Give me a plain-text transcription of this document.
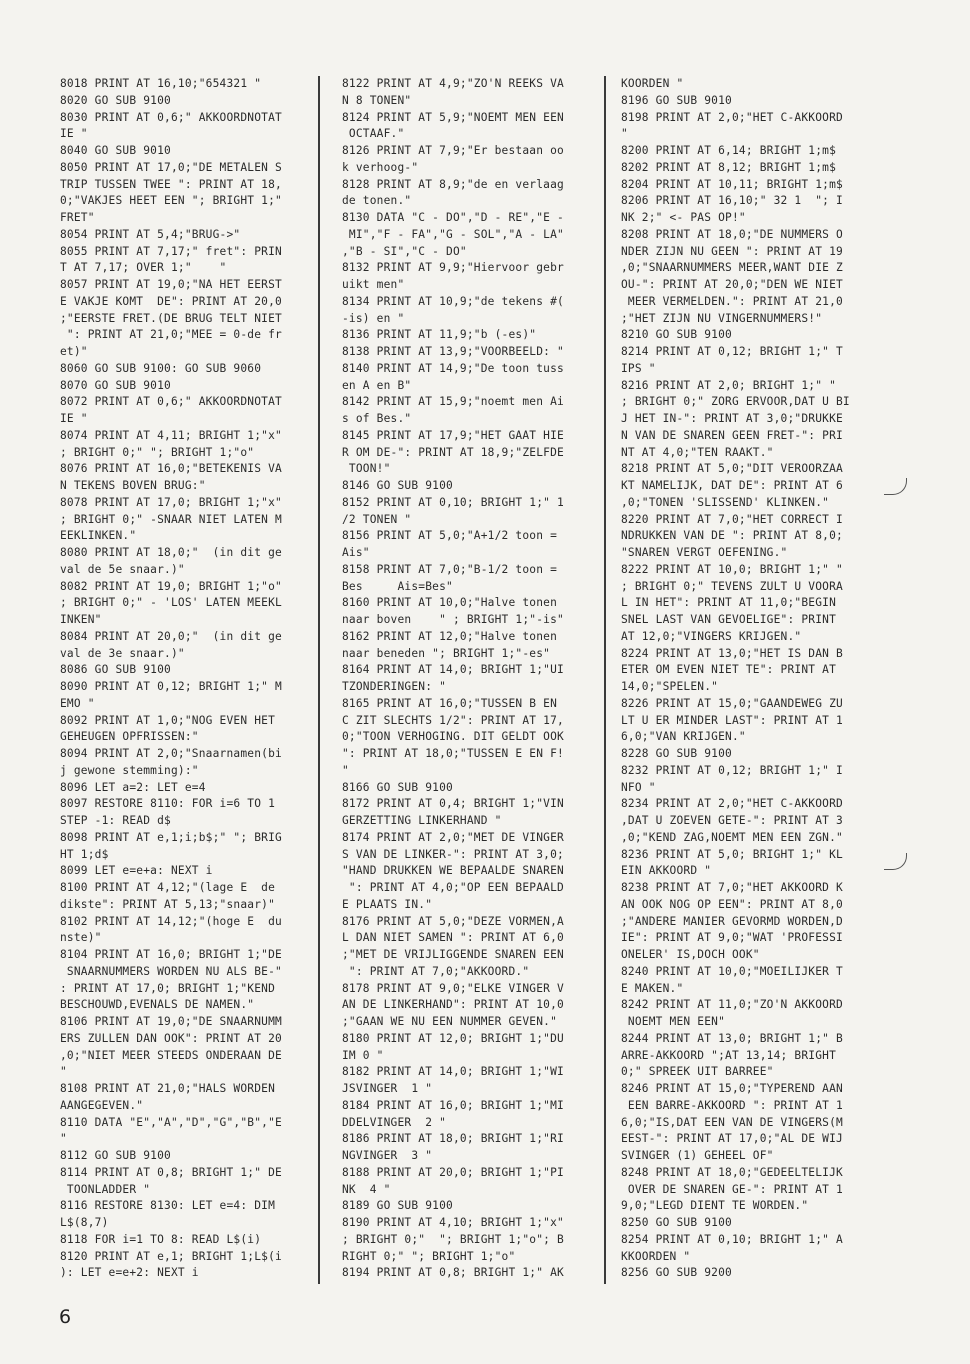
8018 PRINT AT 16,10;"654321 "
8020 GO SUB 9100
8030 PRINT AT 0,6;" AKKOORDNOTAT
IE "
8040 GO SUB 9010
8050 PRINT AT 17,0;"DE METALEN S
TRIP TUSSEN TWEE ": PRINT AT 18,
0;"VAKJES HEET EEN "; BRIGHT 1;"
FRET"
8054 PRINT AT 5,4;"BRUG->"
8055 PRINT AT 7,17;" fret": PRIN
T AT 7,17; OVER 1;"    "
8057 PRINT AT 19,0;"NA HET EERST
E VAKJE KOMT  DE": PRINT AT 20,0
;"EERSTE FRET.(DE BRUG TELT NIET
": PRINT AT 21,0;"MEE = 0-de fr
et)"
8060 GO SUB 9100: GO SUB 9060
8070 GO SUB 9010
8072 PRINT AT 0,6;" AKKOORDNOTAT
IE "
8074 PRINT AT 4,11; BRIGHT 1;"x"
; BRIGHT 0;" "; BRIGHT 1;"o"
8076 PRINT AT 16,0;"BETEKENIS VA
N TEKENS BOVEN BRUG:"
8078 PRINT AT 17,0; BRIGHT 1;"x"
; BRIGHT 0;" -SNAAR NIET LATEN M
EEKLINKEN."
8080 PRINT AT 18,0;"  (in dit ge
val de 5e snaar.)"
8082 PRINT AT 19,0; BRIGHT 1;"o"
; BRIGHT 0;" - 'LOS' LATEN MEEKL
INKEN"
8084 PRINT AT 20,0;"  (in dit ge
val de 3e snaar.)"
8086 GO SUB 9100
8090 PRINT AT 0,12; BRIGHT 1;" M
EMO "
8092 PRINT AT 1,0;"NOG EVEN HET
GEHEUGEN OPFRISSEN:"
8094 PRINT AT 2,0;"Snaarnamen(bi
j gewone stemming):"
8096 LET a=2: LET e=4
8097 RESTORE 8110: FOR i=6 TO 1
STEP -1: READ d$
8098 PRINT AT e,1;i;b$;" "; BRIG
HT 1;d$
8099 LET e=e+a: NEXT i
8100 PRINT AT 4,12;"(lage E  de
dikste": PRINT AT 5,13;"snaar)"
8102 PRINT AT 14,12;"(hoge E  du
nste)"
8104 PRINT AT 16,0; BRIGHT 1;"DE
SNAARNUMMERS WORDEN NU ALS BE-"
: PRINT AT 17,0; BRIGHT 1;"KEND
BESCHOUWD,EVENALS DE NAMEN."
8106 PRINT AT 19,0;"DE SNAARNUMM
ERS ZULLEN DAN OOK": PRINT AT 20
,0;"NIET MEER STEEDS ONDERAAN DE
"
8108 PRINT AT 21,0;"HALS WORDEN
AANGEGEVEN."
8110 DATA "E","A","D","G","B","E
"
8112 GO SUB 9100
8114 PRINT AT 0,8; BRIGHT 1;" DE
TOONLADDER "
8116 RESTORE 8130: LET e=4: DIM
L$(8,7)
8118 FOR i=1 TO 8: READ L$(i)
8120 PRINT AT e,1; BRIGHT 1;L$(i
): LET e=e+2: NEXT i
8122 PRINT AT 4,9;"ZO'N REEKS VA
N 8 TONEN"
8124 PRINT AT 5,9;"NOEMT MEN EEN
OCTAAF."
8126 PRINT AT 7,9;"Er bestaan oo
k verhoog-"
8128 PRINT AT 8,9;"de en verlaag
de tonen."
8130 DATA "C - DO","D - RE","E -
MI","F - FA","G - SOL","A - LA"
,"B - SI","C - DO"
8132 PRINT AT 9,9;"Hiervoor gebr
uikt men"
8134 PRINT AT 10,9;"de tekens #(
-is) en "
8136 PRINT AT 11,9;"b (-es)"
8138 PRINT AT 13,9;"VOORBEELD: "
8140 PRINT AT 14,9;"De toon tuss
en A en B"
8142 PRINT AT 15,9;"noemt men Ai
s of Bes."
8145 PRINT AT 17,9;"HET GAAT HIE
R OM DE-": PRINT AT 18,9;"ZELFDE
TOON!"
8146 GO SUB 9100
8152 PRINT AT 0,10; BRIGHT 1;" 1
/2 TONEN "
8156 PRINT AT 5,0;"A+1/2 toon =
Ais"
8158 PRINT AT 7,0;"B-1/2 toon =
Bes     Ais=Bes"
8160 PRINT AT 10,0;"Halve tonen
naar boven    " ; BRIGHT 1;"-is"
8162 PRINT AT 12,0;"Halve tonen
naar beneden "; BRIGHT 1;"-es"
8164 PRINT AT 14,0; BRIGHT 1;"UI
TZONDERINGEN: "
8165 PRINT AT 16,0;"TUSSEN B EN
C ZIT SLECHTS 1/2": PRINT AT 17,
0;"TOON VERHOGING. DIT GELDT OOK
": PRINT AT 18,0;"TUSSEN E EN F!
"
8166 GO SUB 9100
8172 PRINT AT 0,4; BRIGHT 1;"VIN
GERZETTING LINKERHAND "
8174 PRINT AT 2,0;"MET DE VINGER
S VAN DE LINKER-": PRINT AT 3,0;
"HAND DRUKKEN WE BEPAALDE SNAREN
": PRINT AT 4,0;"OP EEN BEPAALD
E PLAATS IN."
8176 PRINT AT 5,0;"DEZE VORMEN,A
L DAN NIET SAMEN ": PRINT AT 6,0
;"MET DE VRIJLIGGENDE SNAREN EEN
": PRINT AT 7,0;"AKKOORD."
8178 PRINT AT 9,0;"ELKE VINGER V
AN DE LINKERHAND": PRINT AT 10,0
;"GAAN WE NU EEN NUMMER GEVEN."
8180 PRINT AT 12,0; BRIGHT 1;"DU
IM 0 "
8182 PRINT AT 14,0; BRIGHT 1;"WI
JSVINGER  1 "
8184 PRINT AT 16,0; BRIGHT 1;"MI
DDELVINGER  2 "
8186 PRINT AT 18,0; BRIGHT 1;"RI
NGVINGER  3 "
8188 PRINT AT 20,0; BRIGHT 1;"PI
NK  4 "
8189 GO SUB 9100
8190 PRINT AT 4,10; BRIGHT 1;"x"
; BRIGHT 0;"  "; BRIGHT 1;"o"; B
RIGHT 0;" "; BRIGHT 1;"o"
8194 PRINT AT 0,8; BRIGHT 1;" AK
KOORDEN "
8196 GO SUB 9010
8198 PRINT AT 2,0;"HET C-AKKOORD
"
8200 PRINT AT 6,14; BRIGHT 1;m$
8202 PRINT AT 8,12; BRIGHT 1;m$
8204 PRINT AT 10,11; BRIGHT 1;m$
8206 PRINT AT 16,10;" 32 1  "; I
NK 2;" <- PAS OP!"
8208 PRINT AT 18,0;"DE NUMMERS O
NDER ZIJN NU GEEN ": PRINT AT 19
,0;"SNAARNUMMERS MEER,WANT DIE Z
OU-": PRINT AT 20,0;"DEN WE NIET
MEER VERMELDEN.": PRINT AT 21,0
;"HET ZIJN NU VINGERNUMMERS!"
8210 GO SUB 9100
8214 PRINT AT 0,12; BRIGHT 1;" T
IPS "
8216 PRINT AT 2,0; BRIGHT 1;" "
; BRIGHT 0;" ZORG ERVOOR,DAT U BI
J HET IN-": PRINT AT 3,0;"DRUKKE
N VAN DE SNAREN GEEN FRET-": PRI
NT AT 4,0;"TEN RAAKT."
8218 PRINT AT 5,0;"DIT VEROORZAA
KT NAMELIJK, DAT DE": PRINT AT 6
,0;"TONEN 'SLISSEND' KLINKEN."
8220 PRINT AT 7,0;"HET CORRECT I
NDRUKKEN VAN DE ": PRINT AT 8,0;
"SNAREN VERGT OEFENING."
8222 PRINT AT 10,0; BRIGHT 1;" "
; BRIGHT 0;" TEVENS ZULT U VOORA
L IN HET": PRINT AT 11,0;"BEGIN
SNEL LAST VAN GEVOELIGE": PRINT
AT 12,0;"VINGERS KRIJGEN."
8224 PRINT AT 13,0;"HET IS DAN B
ETER OM EVEN NIET TE": PRINT AT
14,0;"SPELEN."
8226 PRINT AT 15,0;"GAANDEWEG ZU
LT U ER MINDER LAST": PRINT AT 1
6,0;"VAN KRIJGEN."
8228 GO SUB 9100
8232 PRINT AT 0,12; BRIGHT 1;" I
NFO "
8234 PRINT AT 2,0;"HET C-AKKOORD
,DAT U ZOEVEN GETE-": PRINT AT 3
,0;"KEND ZAG,NOEMT MEN EEN ZGN."
8236 PRINT AT 5,0; BRIGHT 1;" KL
EIN AKKOORD "
8238 PRINT AT 7,0;"HET AKKOORD K
AN OOK NOG OP EEN": PRINT AT 8,0
;"ANDERE MANIER GEVORMD WORDEN,D
IE": PRINT AT 9,0;"WAT 'PROFESSI
ONELER' IS,DOCH OOK"
8240 PRINT AT 10,0;"MOEILIJKER T
E MAKEN."
8242 PRINT AT 11,0;"ZO'N AKKOORD
NOEMT MEN EEN"
8244 PRINT AT 13,0; BRIGHT 1;" B
ARRE-AKKOORD ";AT 13,14; BRIGHT
0;" SPREEK UIT BARREE"
8246 PRINT AT 15,0;"TYPEREND AAN
EEN BARRE-AKKOORD ": PRINT AT 1
6,0;"IS,DAT EEN VAN DE VINGERS(M
EEST-": PRINT AT 17,0;"AL DE WIJ
SVINGER (1) GEHEEL OF"
8248 PRINT AT 18,0;"GEDEELTELIJK
OVER DE SNAREN GE-": PRINT AT 1
9,0;"LEGD DIENT TE WORDEN."
8250 GO SUB 9100
8254 PRINT AT 0,10; BRIGHT 1;" A
KKOORDEN "
8256 GO SUB 9200
6
